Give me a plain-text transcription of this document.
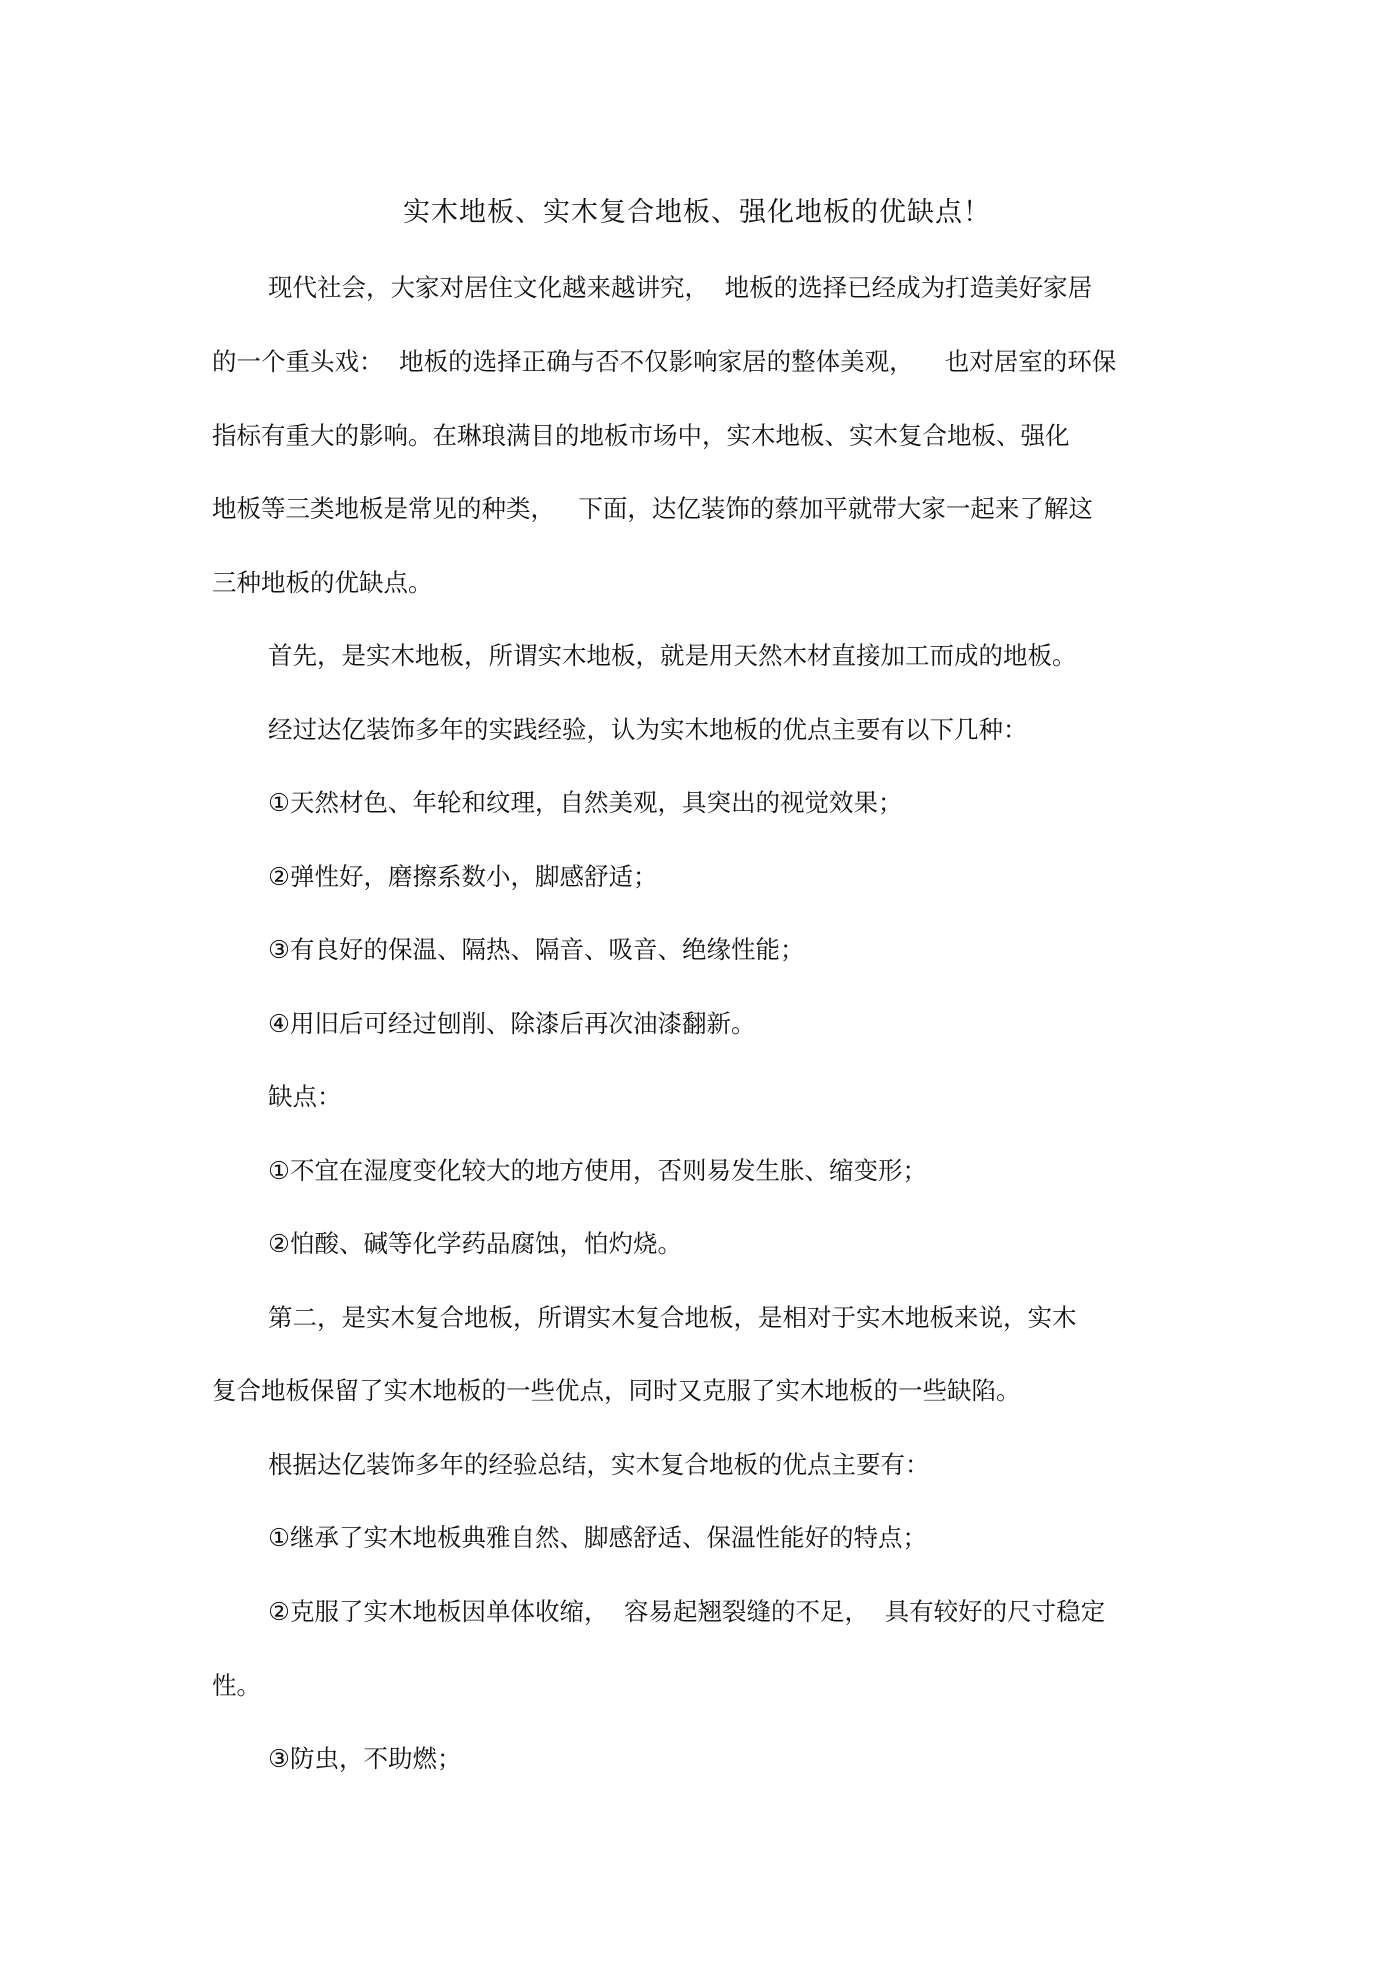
实木地板、实木复合地板、强化地板的优缺点！

现代社会，大家对居住文化越来越讲究，  地板的选择已经成为打造美好家居

的一个重头戏：  地板的选择正确与否不仅影响家居的整体美观，    也对居室的环保

指标有重大的影响。在琳琅满目的地板市场中，实木地板、实木复合地板、强化

地板等三类地板是常见的种类，   下面，达亿装饰的蔡加平就带大家一起来了解这

三种地板的优缺点。

首先，是实木地板，所谓实木地板，就是用天然木材直接加工而成的地板。

经过达亿装饰多年的实践经验，认为实木地板的优点主要有以下几种：

①天然材色、年轮和纹理，自然美观，具突出的视觉效果；

②弹性好，磨擦系数小，脚感舒适；

③有良好的保温、隔热、隔音、吸音、绝缘性能；

④用旧后可经过刨削、除漆后再次油漆翻新。

缺点：

①不宜在湿度变化较大的地方使用，否则易发生胀、缩变形；

②怕酸、碱等化学药品腐蚀，怕灼烧。

第二，是实木复合地板，所谓实木复合地板，是相对于实木地板来说，实木

复合地板保留了实木地板的一些优点，同时又克服了实木地板的一些缺陷。

根据达亿装饰多年的经验总结，实木复合地板的优点主要有：

①继承了实木地板典雅自然、脚感舒适、保温性能好的特点；

②克服了实木地板因单体收缩，  容易起翘裂缝的不足，  具有较好的尺寸稳定

性。

③防虫，不助燃；
